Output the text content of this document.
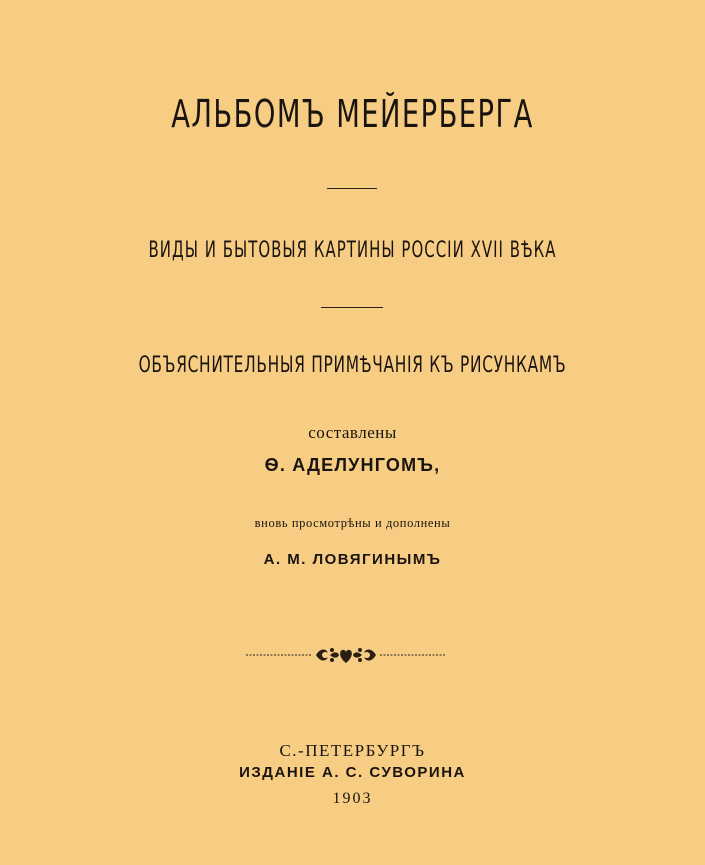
АЛЬБОМЪ МЕЙЕРБЕРГА
ВИДЫ И БЫТОВЫЯ КАРТИНЫ РОССІИ XVII ВѢКА
ОБЪЯСНИТЕЛЬНЫЯ ПРИМѢЧАНІЯ КЪ РИСУНКАМЪ
составлены
Ѳ. АДЕЛУНГОМЪ,
вновь просмотрѣны и дополнены
А. М. ЛОВЯГИНЫМЪ
С.-ПЕТЕРБУРГЪ
ИЗДАНІЕ А. С. СУВОРИНА
1903
